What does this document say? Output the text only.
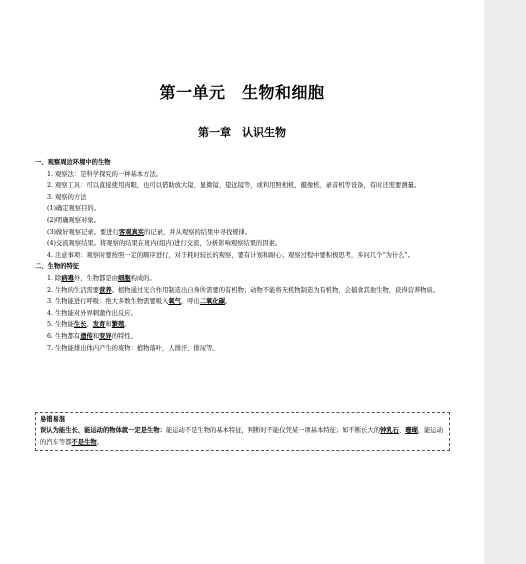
第一单元　生物和细胞
第一章　认识生物
一、观察周边环境中的生物
1. 观察法：是科学探究的一种基本方法。
2. 观察工具：可以直接使用肉眼，也可以借助放大镜、显微镜、望远镜等，或利用照相机、摄像机、录音机等设备，有时还需要测量。
3. 观察的方法
(1)确定观察目的。
(2)明确观察对象。
(3)做好观察记录。要进行客观真实的记录，并从观察的结果中寻找规律。
(4)交流观察结果。将观察的结果在班内(组内)进行交流，分析影响观察结果的因素。
4. 注意事项：观察时要按照一定的顺序进行，对于耗时较长的观察，要有计划和耐心；观察过程中要积极思考，多问几个“为什么”。
二、生物的特征
1. 除病毒外，生物都是由细胞构成的。
2. 生物的生活需要营养。植物通过光合作用制造出自身所需要的有机物；动物不能将无机物制造为有机物，会捕食其他生物，获得营养物质。
3. 生物能进行呼吸：绝大多数生物需要吸入氧气，呼出二氧化碳。
4. 生物能对外界刺激作出反应。
5. 生物能生长、发育和繁殖。
6. 生物都有遗传和变异的特性。
7. 生物能排出体内产生的废物：植物落叶，人排汗、排尿等。
易错易混
误认为能生长、能运动的物体就一定是生物：能运动不是生物的基本特征，判断时不能仅凭某一项基本特征；如不断长大的钟乳石、珊瑚，能运动的汽车等都不是生物。
